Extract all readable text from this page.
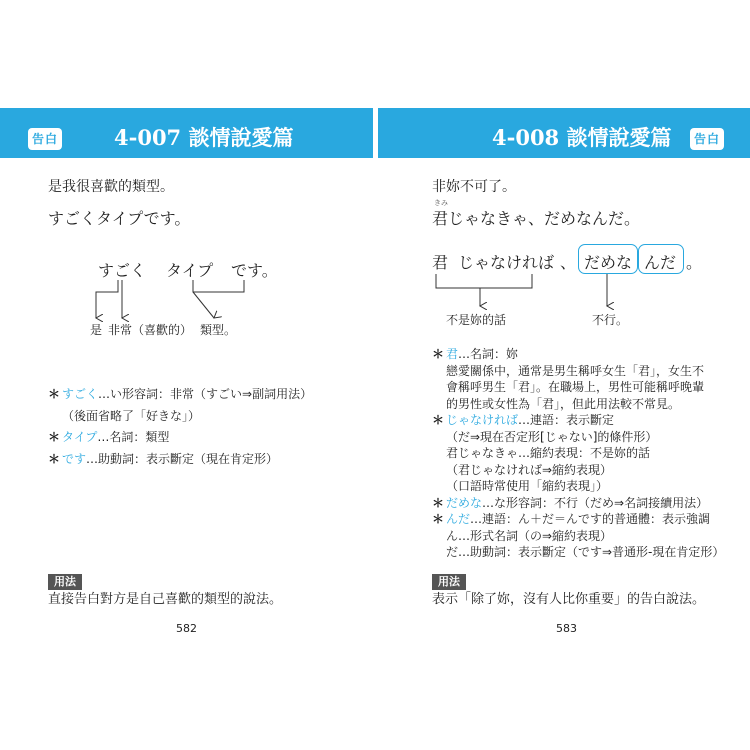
告白	4-007 談情說愛篇	4-008 談情說愛篇	告白
是我很喜歡的類型。
すごくタイプです。
すごく タイプ です。
是 非常（喜歡的） 類型。
＊ すごく…い形容詞：非常（すごい⇒副詞用法）
（後面省略了「好きな」）
＊ タイプ…名詞：類型
＊ です…助動詞：表示斷定（現在肯定形）
用法
直接告白對方是自己喜歡的類型的說法。
582
非妳不可了。
きみ
君じゃなきゃ、だめなんだ。
君 じゃなければ 、 だめな んだ 。
不是妳的話	不行。
＊ 君…名詞：妳
戀愛關係中，通常是男生稱呼女生「君」，女生不
會稱呼男生「君」。在職場上，男性可能稱呼晚輩
的男性或女性為「君」，但此用法較不常見。
＊ じゃなければ…連語：表示斷定
（だ⇒現在否定形[じゃない]的條件形）
君じゃなきゃ…縮約表現：不是妳的話
（君じゃなければ⇒縮約表現）
（口語時常使用「縮約表現」）
＊ だめな…な形容詞：不行（だめ⇒名詞接續用法）
＊ んだ…連語：ん＋だ＝んです的普通體：表示強調
ん…形式名詞（の⇒縮約表現）
だ…助動詞：表示斷定（です⇒普通形-現在肯定形）
用法
表示「除了妳，沒有人比你重要」的告白說法。
583
